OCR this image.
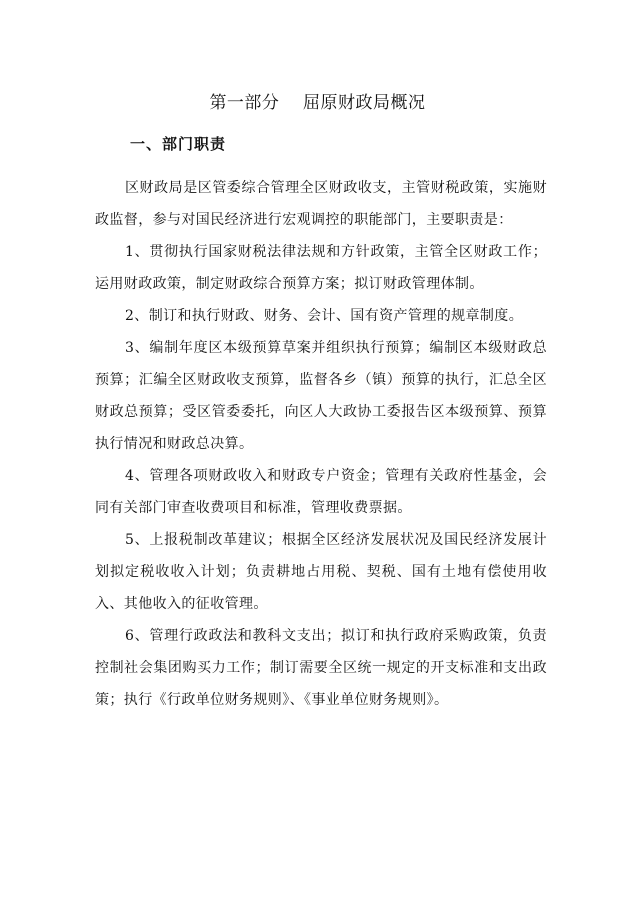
第一部分    屈原财政局概况
一、部门职责

区财政局是区管委综合管理全区财政收支，主管财税政策，实施财政监督，参与对国民经济进行宏观调控的职能部门，主要职责是：

1、贯彻执行国家财税法律法规和方针政策，主管全区财政工作；运用财政政策，制定财政综合预算方案；拟订财政管理体制。

2、制订和执行财政、财务、会计、国有资产管理的规章制度。

3、编制年度区本级预算草案并组织执行预算；编制区本级财政总预算；汇编全区财政收支预算，监督各乡（镇）预算的执行，汇总全区财政总预算；受区管委委托，向区人大政协工委报告区本级预算、预算执行情况和财政总决算。

4、管理各项财政收入和财政专户资金；管理有关政府性基金，会同有关部门审查收费项目和标准，管理收费票据。

5、上报税制改革建议；根据全区经济发展状况及国民经济发展计划拟定税收收入计划；负责耕地占用税、契税、国有土地有偿使用收入、其他收入的征收管理。

6、管理行政政法和教科文支出；拟订和执行政府采购政策，负责控制社会集团购买力工作；制订需要全区统一规定的开支标准和支出政策；执行《行政单位财务规则》、《事业单位财务规则》。
